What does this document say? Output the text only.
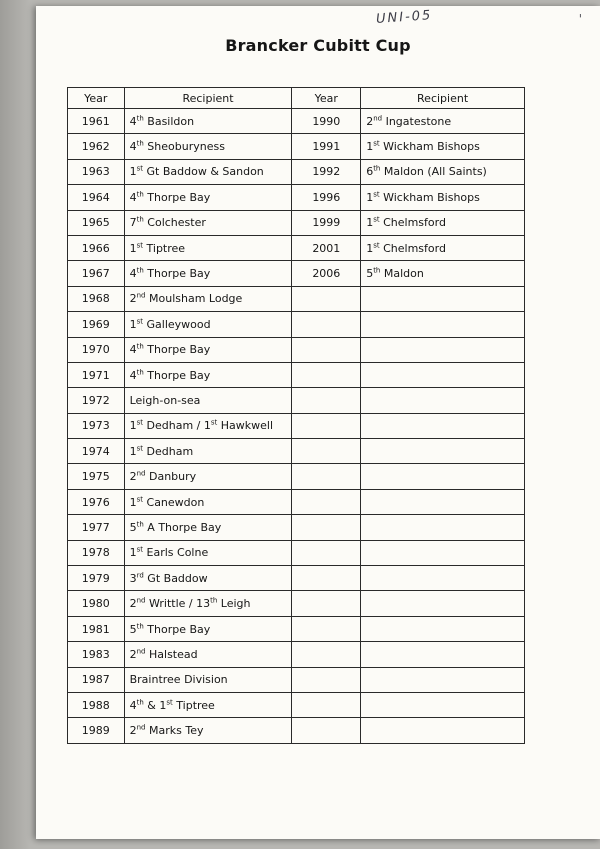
UNI-05	'
Brancker Cubitt Cup
Year	Recipient	Year	Recipient
1961	4th Basildon	1990	2nd Ingatestone
1962	4th Sheoburyness	1991	1st Wickham Bishops
1963	1st Gt Baddow & Sandon	1992	6th Maldon (All Saints)
1964	4th Thorpe Bay	1996	1st Wickham Bishops
1965	7th Colchester	1999	1st Chelmsford
1966	1st Tiptree	2001	1st Chelmsford
1967	4th Thorpe Bay	2006	5th Maldon
1968	2nd Moulsham Lodge		
1969	1st Galleywood		
1970	4th Thorpe Bay		
1971	4th Thorpe Bay		
1972	Leigh-on-sea		
1973	1st Dedham / 1st Hawkwell		
1974	1st Dedham		
1975	2nd Danbury		
1976	1st Canewdon		
1977	5th A Thorpe Bay		
1978	1st Earls Colne		
1979	3rd Gt Baddow		
1980	2nd Writtle / 13th Leigh		
1981	5th Thorpe Bay		
1983	2nd Halstead		
1987	Braintree Division		
1988	4th & 1st Tiptree		
1989	2nd Marks Tey		
